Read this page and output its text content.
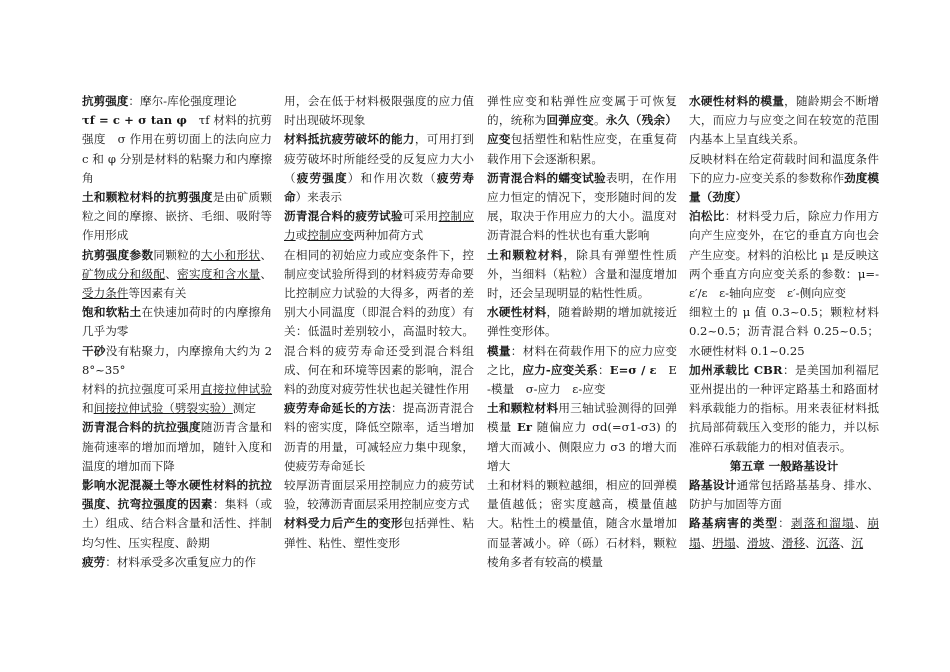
抗剪强度：摩尔-库伦强度理论

τf = c + σ tan φ　τf 材料的抗剪强度　σ 作用在剪切面上的法向应力　c 和 φ 分别是材料的粘聚力和内摩擦角

土和颗粒材料的抗剪强度是由矿质颗粒之间的摩擦、嵌挤、毛细、吸附等作用形成

抗剪强度参数同颗粒的大小和形状、矿物成分和级配、密实度和含水量、受力条件等因素有关

饱和软粘土在快速加荷时的内摩擦角几乎为零

干砂没有粘聚力，内摩擦角大约为 28°~35°

材料的抗拉强度可采用直接拉伸试验和间接拉伸试验（劈裂实验）测定

沥青混合料的抗拉强度随沥青含量和施荷速率的增加而增加，随针入度和温度的增加而下降

影响水泥混凝土等水硬性材料的抗拉强度、抗弯拉强度的因素：集料（或土）组成、结合料含量和活性、拌制均匀性、压实程度、龄期

疲劳：材料承受多次重复应力的作

用，会在低于材料极限强度的应力值时出现破坏现象

材料抵抗疲劳破坏的能力，可用打到疲劳破坏时所能经受的反复应力大小（疲劳强度）和作用次数（疲劳寿命）来表示

沥青混合料的疲劳试验可采用控制应力或控制应变两种加荷方式

在相同的初始应力或应变条件下，控制应变试验所得到的材料疲劳寿命要比控制应力试验的大得多，两者的差别大小同温度（即混合料的劲度）有关：低温时差别较小，高温时较大。混合料的疲劳寿命还受到混合料组成、何在和环境等因素的影响，混合料的劲度对疲劳性状也起关键性作用

疲劳寿命延长的方法：提高沥青混合料的密实度，降低空隙率，适当增加沥青的用量，可减轻应力集中现象，使疲劳寿命延长

较厚沥青面层采用控制应力的疲劳试验，较薄沥青面层采用控制应变方式

材料受力后产生的变形包括弹性、粘弹性、粘性、塑性变形

弹性应变和粘弹性应变属于可恢复的，统称为回弹应变。永久（残余）应变包括塑性和粘性应变，在重复荷载作用下会逐渐积累。

沥青混合料的蠕变试验表明，在作用应力恒定的情况下，变形随时间的发展，取决于作用应力的大小。温度对沥青混合料的性状也有重大影响

土和颗粒材料，除具有弹塑性性质外，当细料（粘粒）含量和湿度增加时，还会呈现明显的粘性性质。

水硬性材料，随着龄期的增加就接近弹性变形体。

模量：材料在荷载作用下的应力应变之比，应力-应变关系：E=σ / ε　E-模量　σ-应力　ε-应变

土和颗粒材料用三轴试验测得的回弹模量 Er 随偏应力 σd(=σ1-σ3) 的增大而减小、侧限应力 σ3 的增大而增大

土和材料的颗粒越细，相应的回弹模量值越低；密实度越高，模量值越大。粘性土的模量值，随含水量增加而显著减小。碎（砾）石材料，颗粒棱角多者有较高的模量

水硬性材料的模量，随龄期会不断增大，而应力与应变之间在较宽的范围内基本上呈直线关系。

反映材料在给定荷载时间和温度条件下的应力-应变关系的参数称作劲度模量（劲度）

泊松比：材料受力后，除应力作用方向产生应变外，在它的垂直方向也会产生应变。材料的泊松比 μ 是反映这两个垂直方向应变关系的参数：μ=-ε′/ε　ε-轴向应变　ε′-侧向应变

细粒土的 μ 值 0.3~0.5；颗粒材料 0.2~0.5；沥青混合料 0.25~0.5；水硬性材料 0.1~0.25

加州承载比 CBR：是美国加利福尼亚州提出的一种评定路基土和路面材料承载能力的指标。用来表征材料抵抗局部荷载压入变形的能力，并以标准碎石承载能力的相对值表示。

第五章 一般路基设计

路基设计通常包括路基基身、排水、防护与加固等方面

路基病害的类型：剥落和溜塌、崩塌、坍塌、滑坡、滑移、沉落、沉
